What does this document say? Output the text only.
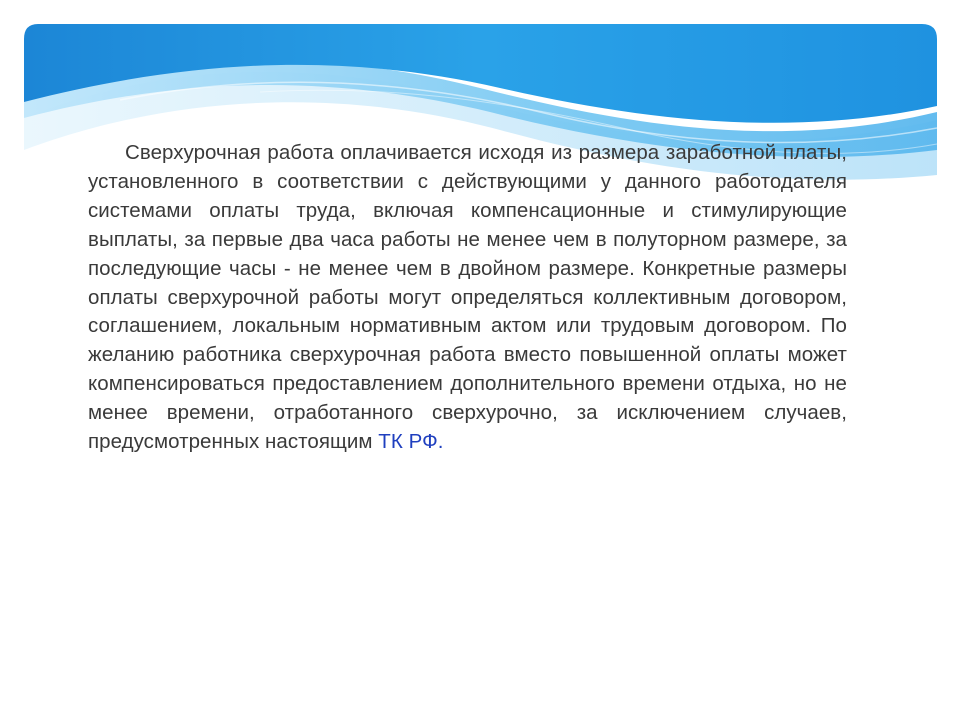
Сверхурочная работа оплачивается исходя из размера заработной платы, установленного в соответствии с действующими у данного работодателя системами оплаты труда, включая компенсационные и стимулирующие выплаты, за первые два часа работы не менее чем в полуторном размере, за последующие часы - не менее чем в двойном размере. Конкретные размеры оплаты сверхурочной работы могут определяться коллективным договором, соглашением, локальным нормативным актом или трудовым договором. По желанию работника сверхурочная работа вместо повышенной оплаты может компенсироваться предоставлением дополнительного времени отдыха, но не менее времени, отработанного сверхурочно, за исключением случаев, предусмотренных настоящим ТК РФ.
